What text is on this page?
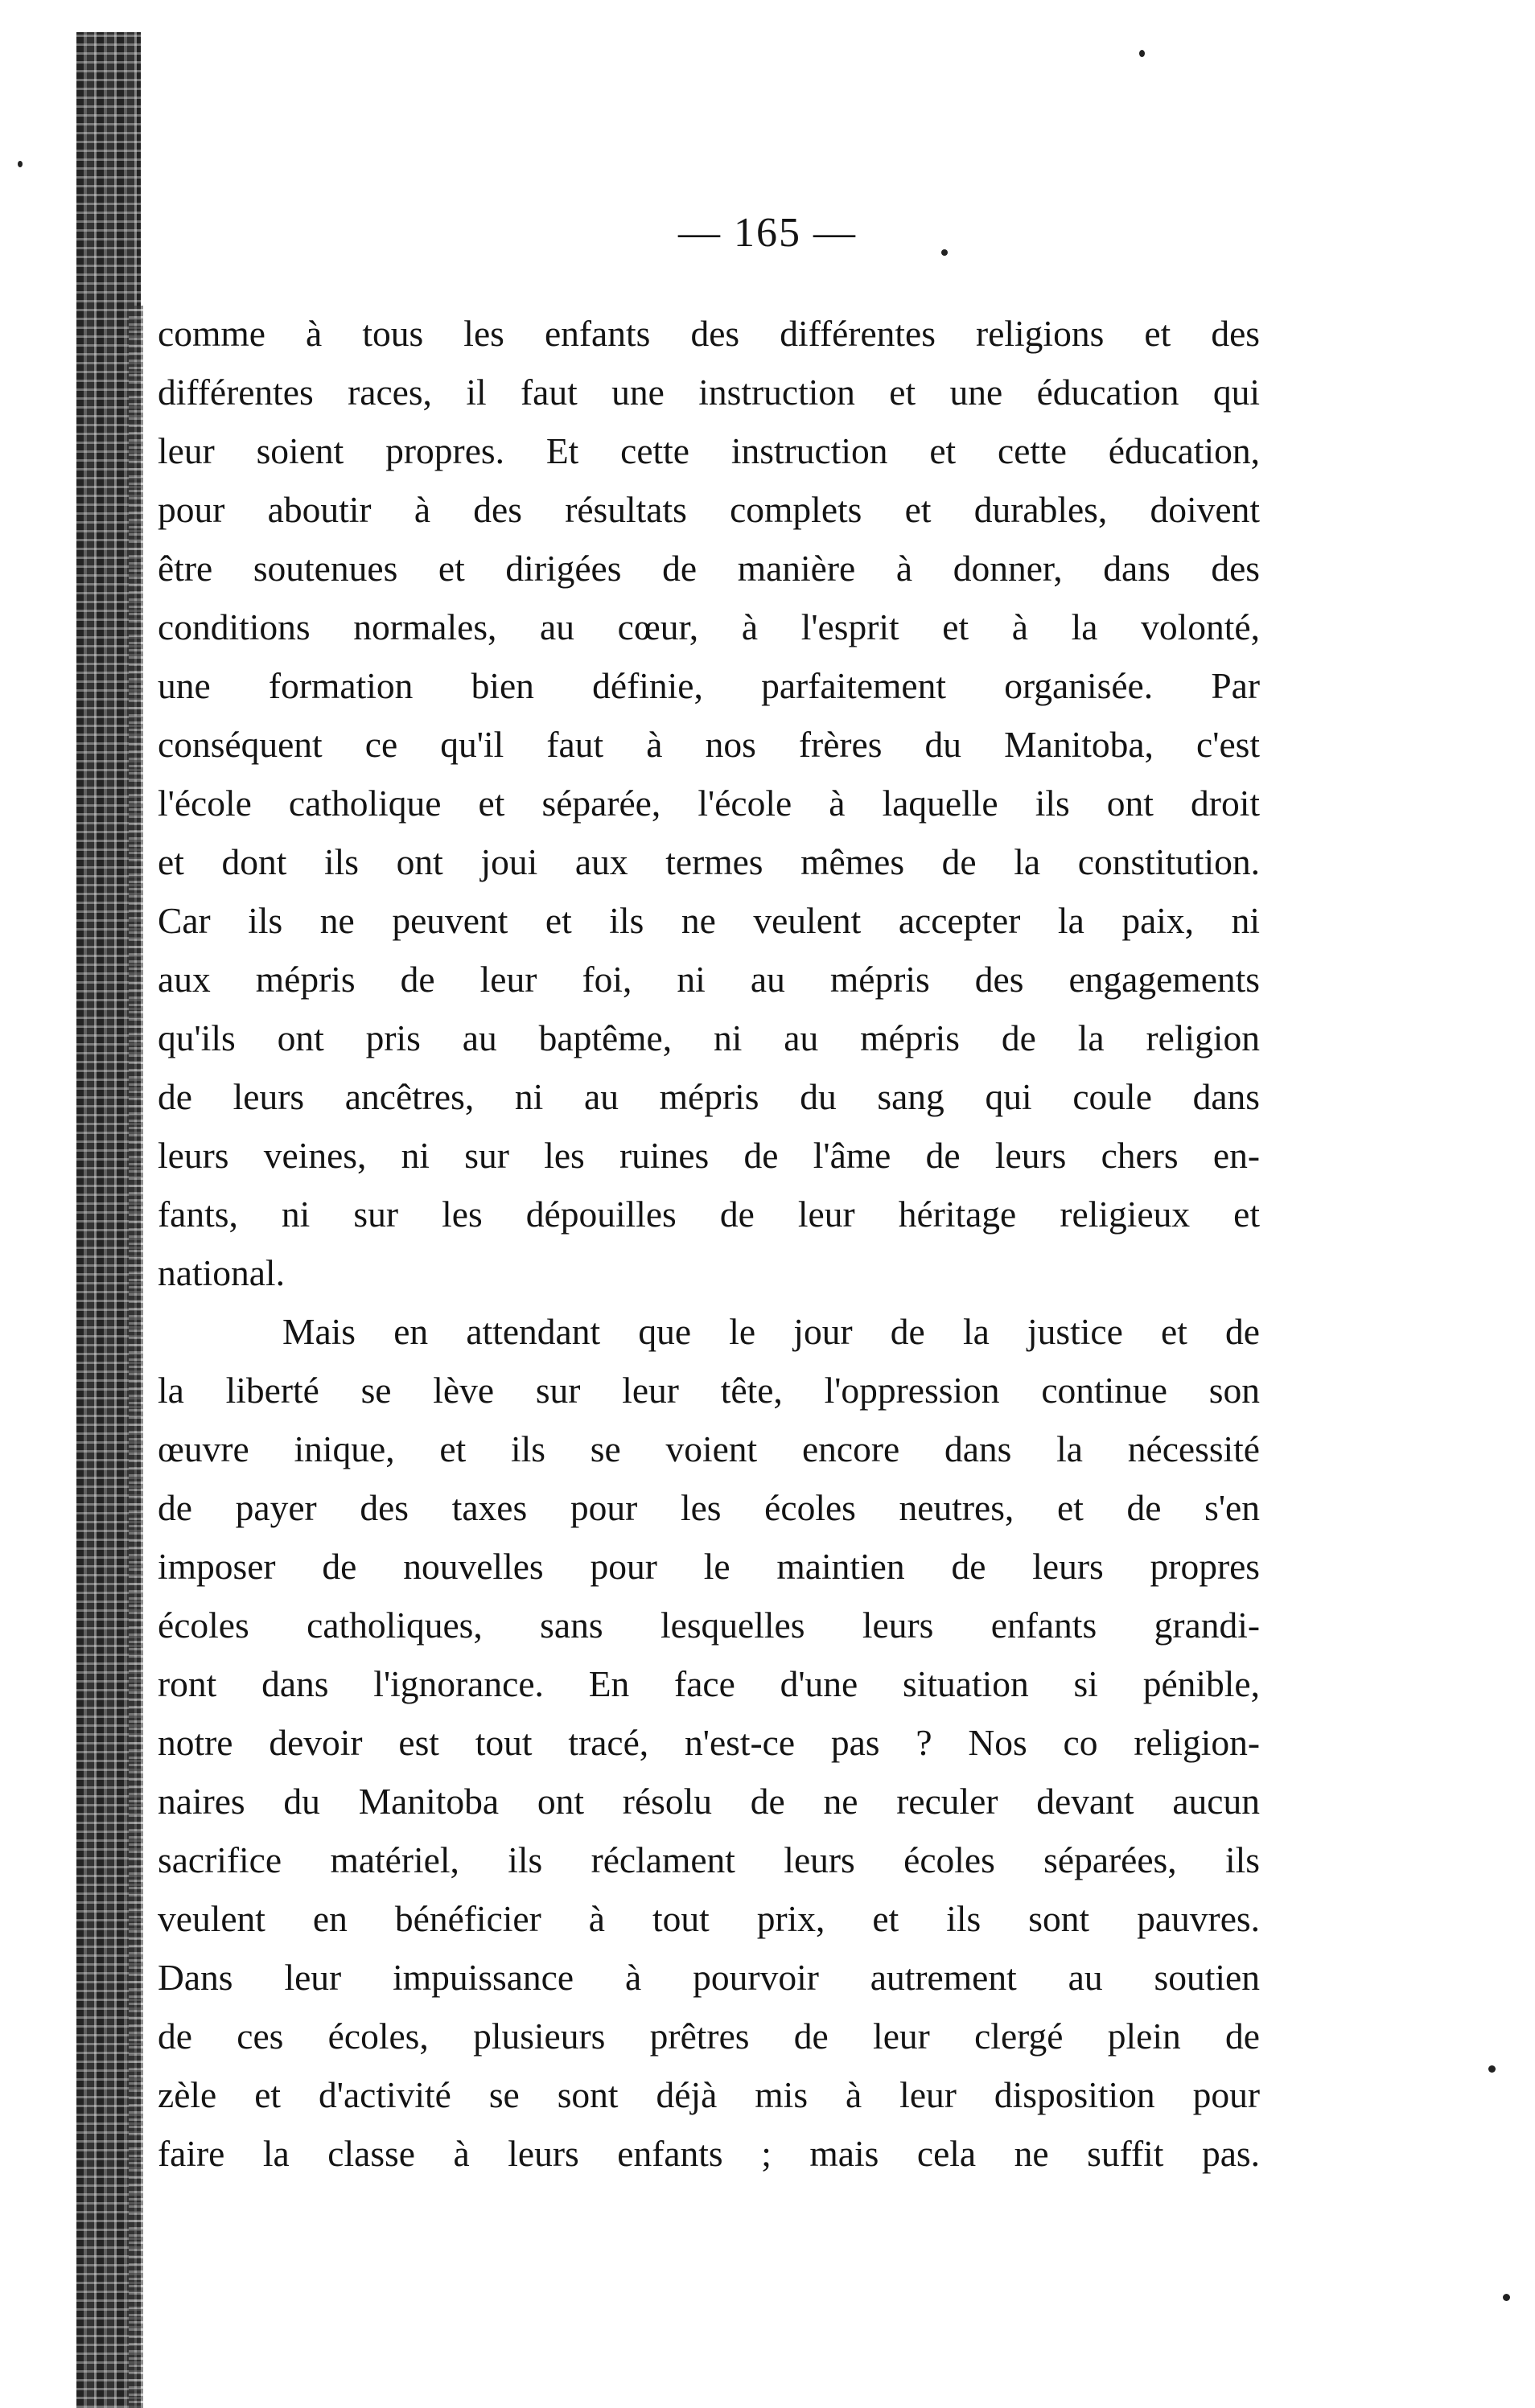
— 165 —
comme à tous les enfants des différentes religions et des
différentes races, il faut une instruction et une éducation qui
leur soient propres. Et cette instruction et cette éducation,
pour aboutir à des résultats complets et durables, doivent
être soutenues et dirigées de manière à donner, dans des
conditions normales, au cœur, à l'esprit et à la volonté,
une formation bien définie, parfaitement organisée. Par
conséquent ce qu'il faut à nos frères du Manitoba, c'est
l'école catholique et séparée, l'école à laquelle ils ont droit
et dont ils ont joui aux termes mêmes de la constitution.
Car ils ne peuvent et ils ne veulent accepter la paix, ni
aux mépris de leur foi, ni au mépris des engagements
qu'ils ont pris au baptême, ni au mépris de la religion
de leurs ancêtres, ni au mépris du sang qui coule dans
leurs veines, ni sur les ruines de l'âme de leurs chers en-
fants, ni sur les dépouilles de leur héritage religieux et
national.
Mais en attendant que le jour de la justice et de
la liberté se lève sur leur tête, l'oppression continue son
œuvre inique, et ils se voient encore dans la nécessité
de payer des taxes pour les écoles neutres, et de s'en
imposer de nouvelles pour le maintien de leurs propres
écoles catholiques, sans lesquelles leurs enfants grandi-
ront dans l'ignorance. En face d'une situation si pénible,
notre devoir est tout tracé, n'est-ce pas ? Nos co religion-
naires du Manitoba ont résolu de ne reculer devant aucun
sacrifice matériel, ils réclament leurs écoles séparées, ils
veulent en bénéficier à tout prix, et ils sont pauvres.
Dans leur impuissance à pourvoir autrement au soutien
de ces écoles, plusieurs prêtres de leur clergé plein de
zèle et d'activité se sont déjà mis à leur disposition pour
faire la classe à leurs enfants ; mais cela ne suffit pas.
